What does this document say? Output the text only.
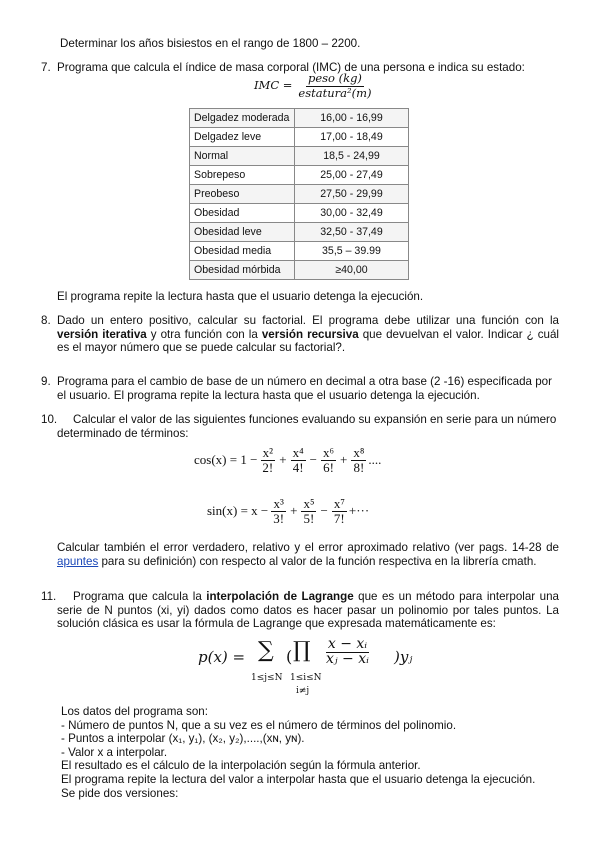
Determinar los años bisiestos en el rango de 1800 – 2200.
7. Programa que calcula el índice de masa corporal (IMC) de una persona e indica su estado:
IMC = $\frac{\text{peso (kg)}}{\text{estatura²(m)}}$
Delgadez moderada	16,00 - 16,99
Delgadez leve	17,00 - 18,49
Normal	18,5 - 24,99
Sobrepeso	25,00 - 27,49
Preobeso	27,50 - 29,99
Obesidad	30,00 - 32,49
Obesidad leve	32,50 - 37,49
Obesidad media	35,5 – 39.99
Obesidad mórbida	≥40,00
El programa repite la lectura hasta que el usuario detenga la ejecución.
8. Dado un entero positivo, calcular su factorial. El programa debe utilizar una función con la versión iterativa y otra función con la versión recursiva que devuelvan el valor. Indicar ¿ cuál es el mayor número que se puede calcular su factorial?.
9. Programa para el cambio de base de un número en decimal a otra base (2 -16) especificada por el usuario. El programa repite la lectura hasta que el usuario detenga la ejecución.
10.	Calcular el valor de las siguientes funciones evaluando su expansión en serie para un número determinado de términos:
$\cos(x) = 1 - \frac{\text{x²}}{2!} + \frac{\text{x⁴}}{4!} - \frac{\text{x⁶}}{6!} + \frac{\text{x⁸}}{8!}$ ....
$\sin(x) = x - \frac{\text{x³}}{3!} + \frac{\text{x⁵}}{5!} - \frac{\text{x⁷}}{7!}$ +···
Calcular también el error verdadero, relativo y el error aproximado relativo (ver pags. 14-28 de apuntes para su definición) con respecto al valor de la función respectiva en la librería cmath.
11.	Programa que calcula la interpolación de Lagrange que es un método para interpolar una serie de N puntos (xi, yi) dados como datos es hacer pasar un polinomio por tales puntos. La solución clásica es usar la fórmula de Lagrange que expresada matemáticamente es:
p(x) = ∑
1≤j≤N
( ∏
1≤i≤N
i≠j
$\frac{\text{x − xᵢ}}{\text{xⱼ − xᵢ}}$ )yⱼ
Los datos del programa son:
- Número de puntos N, que a su vez es el número de términos del polinomio.
- Puntos a interpolar (x₁, y₁), (x₂, y₂),....,(xɴ, yɴ).
- Valor x a interpolar.
El resultado es el cálculo de la interpolación según la fórmula anterior.
El programa repite la lectura del valor a interpolar hasta que el usuario detenga la ejecución.
Se pide dos versiones:
